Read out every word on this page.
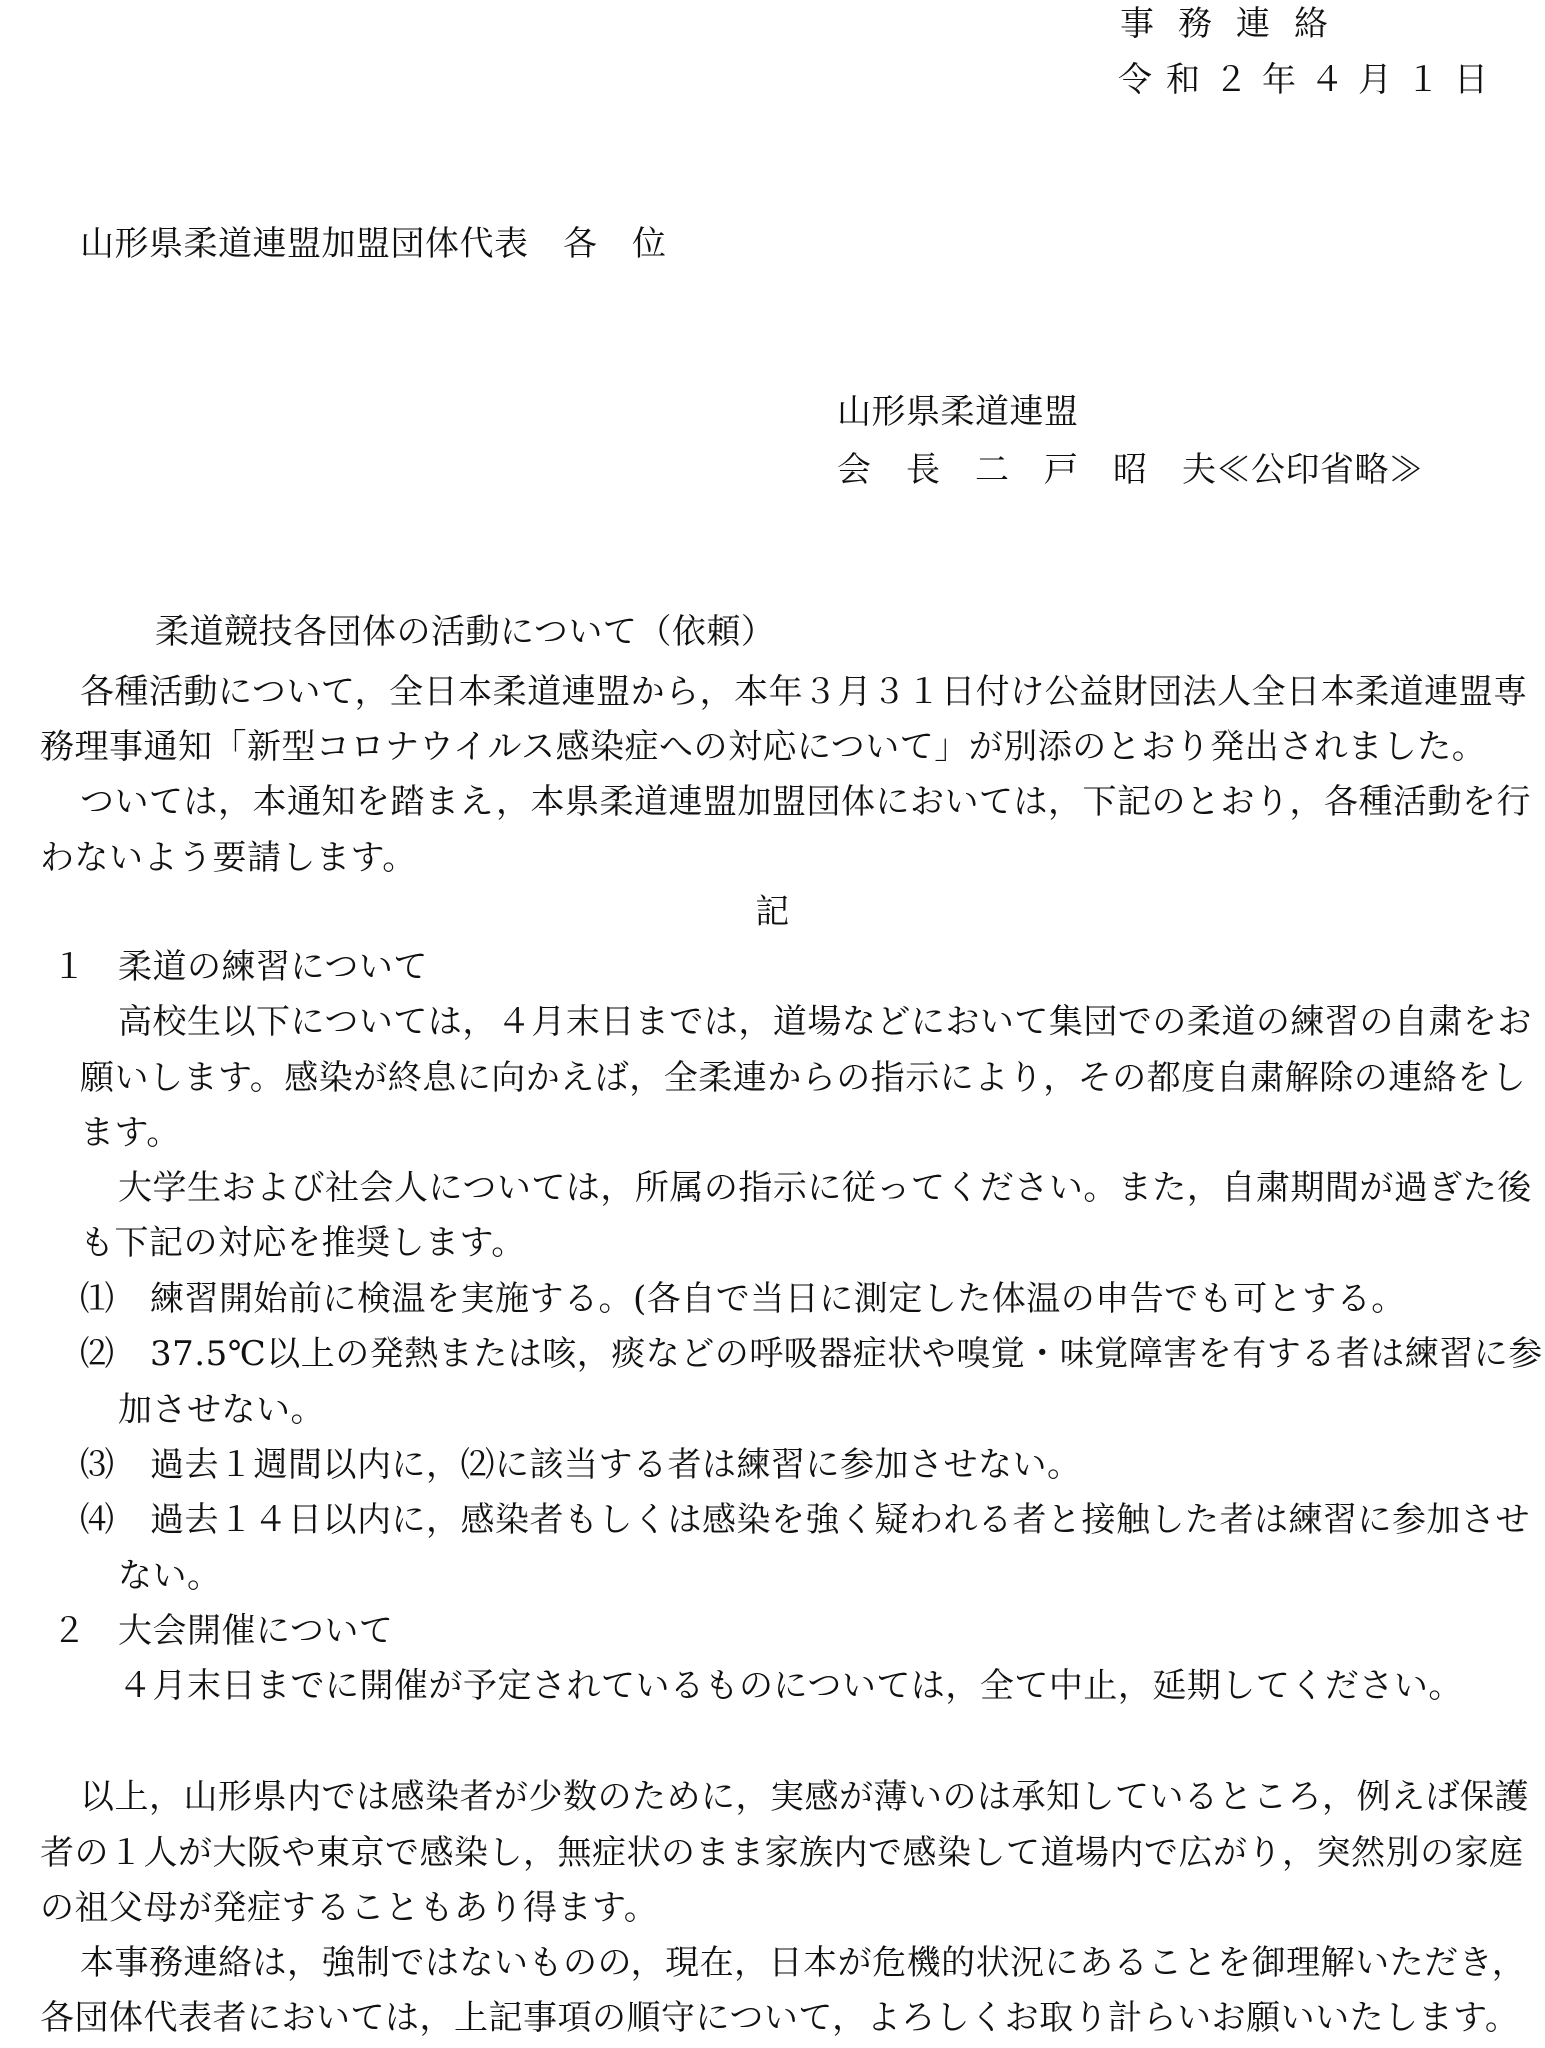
事務連絡
令和２年４月１日
山形県柔道連盟加盟団体代表　各　位
山形県柔道連盟
会　長　二　戸　昭　夫≪公印省略≫
柔道競技各団体の活動について（依頼）
各種活動について，全日本柔道連盟から，本年３月３１日付け公益財団法人全日本柔道連盟専
務理事通知「新型コロナウイルス感染症への対応について」が別添のとおり発出されました。
ついては，本通知を踏まえ，本県柔道連盟加盟団体においては，下記のとおり，各種活動を行
わないよう要請します。
記
１ 柔道の練習について
高校生以下については，４月末日までは，道場などにおいて集団での柔道の練習の自粛をお
願いします。感染が終息に向かえば，全柔連からの指示により，その都度自粛解除の連絡をし
ます。
大学生および社会人については，所属の指示に従ってください。また，自粛期間が過ぎた後
も下記の対応を推奨します。
⑴ 練習開始前に検温を実施する。(各自で当日に測定した体温の申告でも可とする。
⑵ 37.5℃以上の発熱または咳，痰などの呼吸器症状や嗅覚・味覚障害を有する者は練習に参
加させない。
⑶ 過去１週間以内に，⑵に該当する者は練習に参加させない。
⑷ 過去１４日以内に，感染者もしくは感染を強く疑われる者と接触した者は練習に参加させ
ない。
２ 大会開催について
４月末日までに開催が予定されているものについては，全て中止，延期してください。
以上，山形県内では感染者が少数のために，実感が薄いのは承知しているところ，例えば保護
者の１人が大阪や東京で感染し，無症状のまま家族内で感染して道場内で広がり，突然別の家庭
の祖父母が発症することもあり得ます。
本事務連絡は，強制ではないものの，現在，日本が危機的状況にあることを御理解いただき，
各団体代表者においては，上記事項の順守について，よろしくお取り計らいお願いいたします。
